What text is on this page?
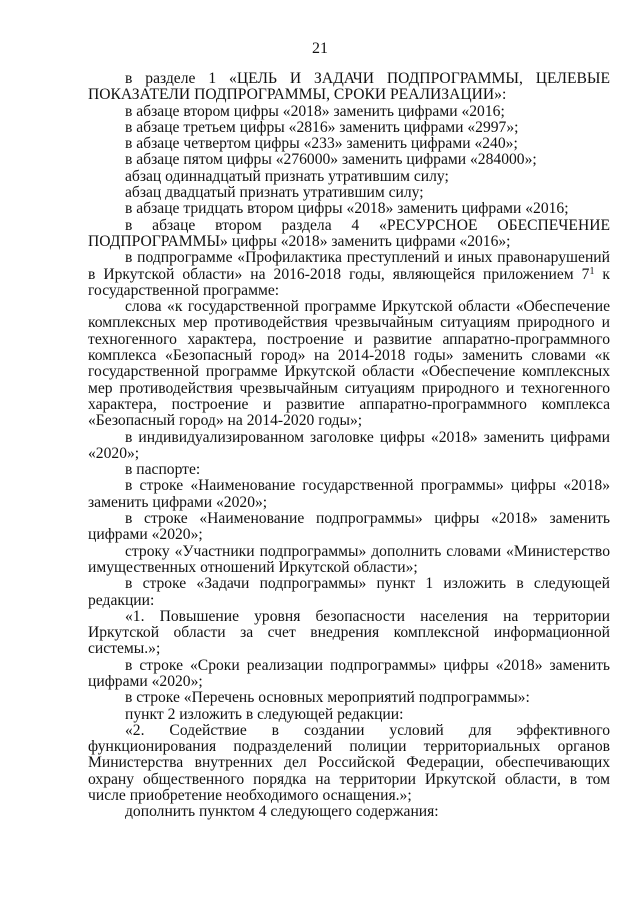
21

в разделе 1 «ЦЕЛЬ И ЗАДАЧИ ПОДПРОГРАММЫ, ЦЕЛЕВЫЕ ПОКАЗАТЕЛИ ПОДПРОГРАММЫ, СРОКИ РЕАЛИЗАЦИИ»:

в абзаце втором цифры «2018» заменить цифрами «2016;

в абзаце третьем цифры «2816» заменить цифрами «2997»;

в абзаце четвертом цифры «233» заменить цифрами «240»;

в абзаце пятом цифры «276000» заменить цифрами «284000»;

абзац одиннадцатый признать утратившим силу;

абзац двадцатый признать утратившим силу;

в абзаце тридцать втором цифры «2018» заменить цифрами «2016;

в абзаце втором раздела 4 «РЕСУРСНОЕ ОБЕСПЕЧЕНИЕ ПОДПРОГРАММЫ» цифры «2018» заменить цифрами «2016»;

в подпрограмме «Профилактика преступлений и иных правонарушений в Иркутской области» на 2016-2018 годы, являющейся приложением $7^1$ к государственной программе:

слова «к государственной программе Иркутской области «Обеспечение комплексных мер противодействия чрезвычайным ситуациям природного и техногенного характера, построение и развитие аппаратно-программного комплекса «Безопасный город» на 2014-2018 годы» заменить словами «к государственной программе Иркутской области «Обеспечение комплексных мер противодействия чрезвычайным ситуациям природного и техногенного характера, построение и развитие аппаратно-программного комплекса «Безопасный город» на 2014-2020 годы»;

в индивидуализированном заголовке цифры «2018» заменить цифрами «2020»;

в паспорте:

в строке «Наименование государственной программы» цифры «2018» заменить цифрами «2020»;

в строке «Наименование подпрограммы» цифры «2018» заменить цифрами «2020»;

строку «Участники подпрограммы» дополнить словами «Министерство имущественных отношений Иркутской области»;

в строке «Задачи подпрограммы» пункт 1 изложить в следующей редакции:

«1. Повышение уровня безопасности населения на территории Иркутской области за счет внедрения комплексной информационной системы.»;

в строке «Сроки реализации подпрограммы» цифры «2018» заменить цифрами «2020»;

в строке «Перечень основных мероприятий подпрограммы»:

пункт 2 изложить в следующей редакции:

«2. Содействие в создании условий для эффективного функционирования подразделений полиции территориальных органов Министерства внутренних дел Российской Федерации, обеспечивающих охрану общественного порядка на территории Иркутской области, в том числе приобретение необходимого оснащения.»;

дополнить пунктом 4 следующего содержания:
